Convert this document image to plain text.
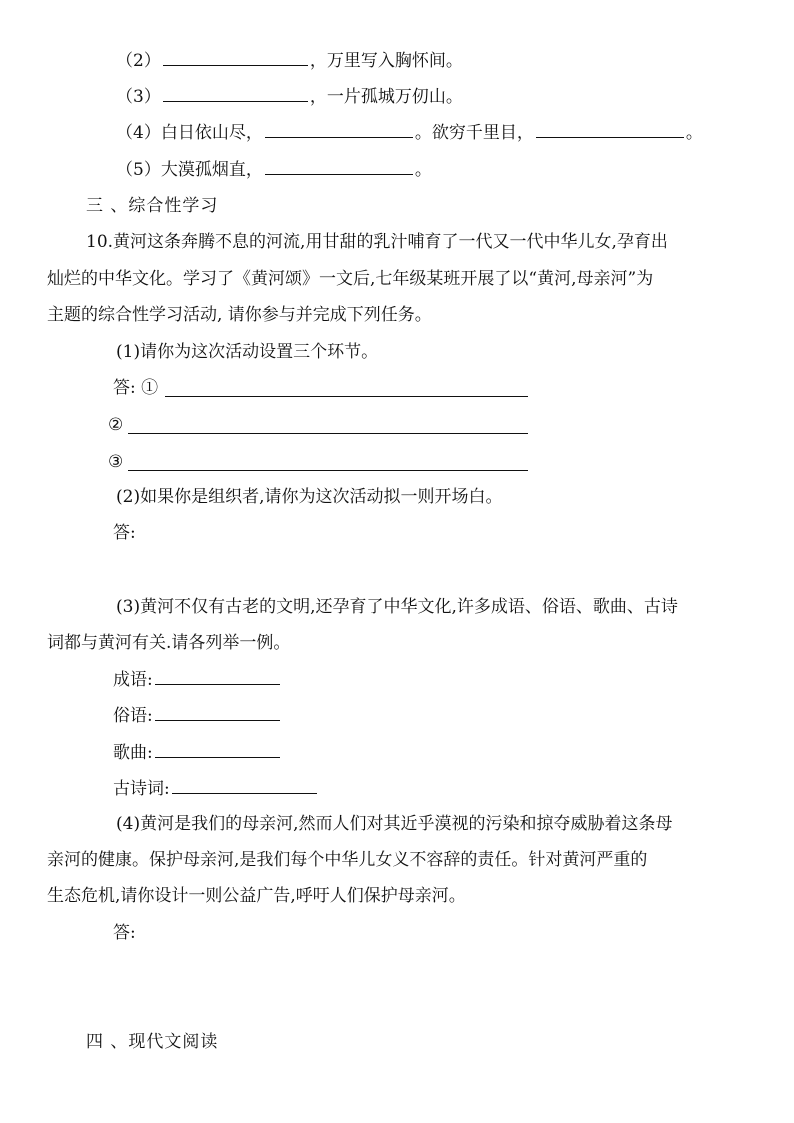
（2）	，万里写入胸怀间。
（3）	，一片孤城万仞山。
（4）白日依山尽，	。欲穷千里目，	。
（5）大漠孤烟直，	。
三 、综合性学习
10.黄河这条奔腾不息的河流,用甘甜的乳汁哺育了一代又一代中华儿女,孕育出
灿烂的中华文化。学习了《黄河颂》一文后,七年级某班开展了以“黄河,母亲河”为
主题的综合性学习活动, 请你参与并完成下列任务。
(1)请你为这次活动设置三个环节。
答: ①
②
③
(2)如果你是组织者,请你为这次活动拟一则开场白。
答:
(3)黄河不仅有古老的文明,还孕育了中华文化,许多成语、俗语、歌曲、古诗
词都与黄河有关.请各列举一例。
成语:
俗语:
歌曲:
古诗词:
(4)黄河是我们的母亲河,然而人们对其近乎漠视的污染和掠夺威胁着这条母
亲河的健康。保护母亲河,是我们每个中华儿女义不容辞的责任。针对黄河严重的
生态危机,请你设计一则公益广告,呼吁人们保护母亲河。
答:
四 、现代文阅读
